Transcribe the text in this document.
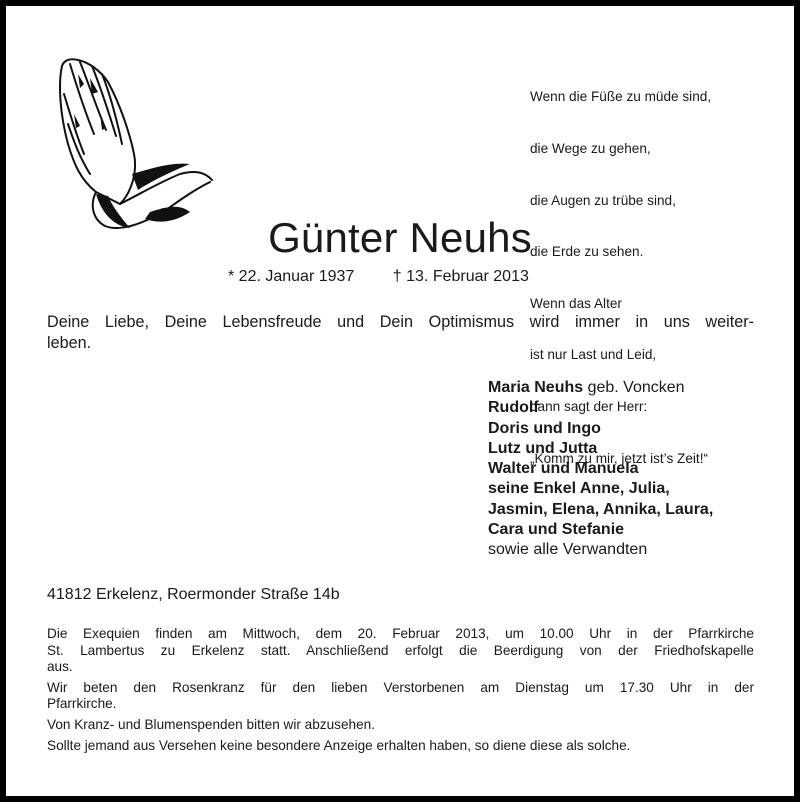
Wenn die Füße zu müde sind,

die Wege zu gehen,

die Augen zu trübe sind,

die Erde zu sehen.

Wenn das Alter

ist nur Last und Leid,

dann sagt der Herr:

„Komm zu mir, jetzt ist’s Zeit!“

Günter Neuhs
* 22. Januar 1937 † 13. Februar 2013
Deine Liebe, Deine Lebensfreude und Dein Optimismus wird immer in uns weiter-
leben.
Maria Neuhs geb. Voncken
Rudolf
Doris und Ingo
Lutz und Jutta
Walter und Manuela
seine Enkel Anne, Julia,
Jasmin, Elena, Annika, Laura,
Cara und Stefanie
sowie alle Verwandten
41812 Erkelenz, Roermonder Straße 14b

Die Exequien finden am Mittwoch, dem 20. Februar 2013, um 10.00 Uhr in der Pfarrkirche
St. Lambertus zu Erkelenz statt. Anschließend erfolgt die Beerdigung von der Friedhofskapelle
aus.

Wir beten den Rosenkranz für den lieben Verstorbenen am Dienstag um 17.30 Uhr in der
Pfarrkirche.

Von Kranz- und Blumenspenden bitten wir abzusehen.

Sollte jemand aus Versehen keine besondere Anzeige erhalten haben, so diene diese als solche.
